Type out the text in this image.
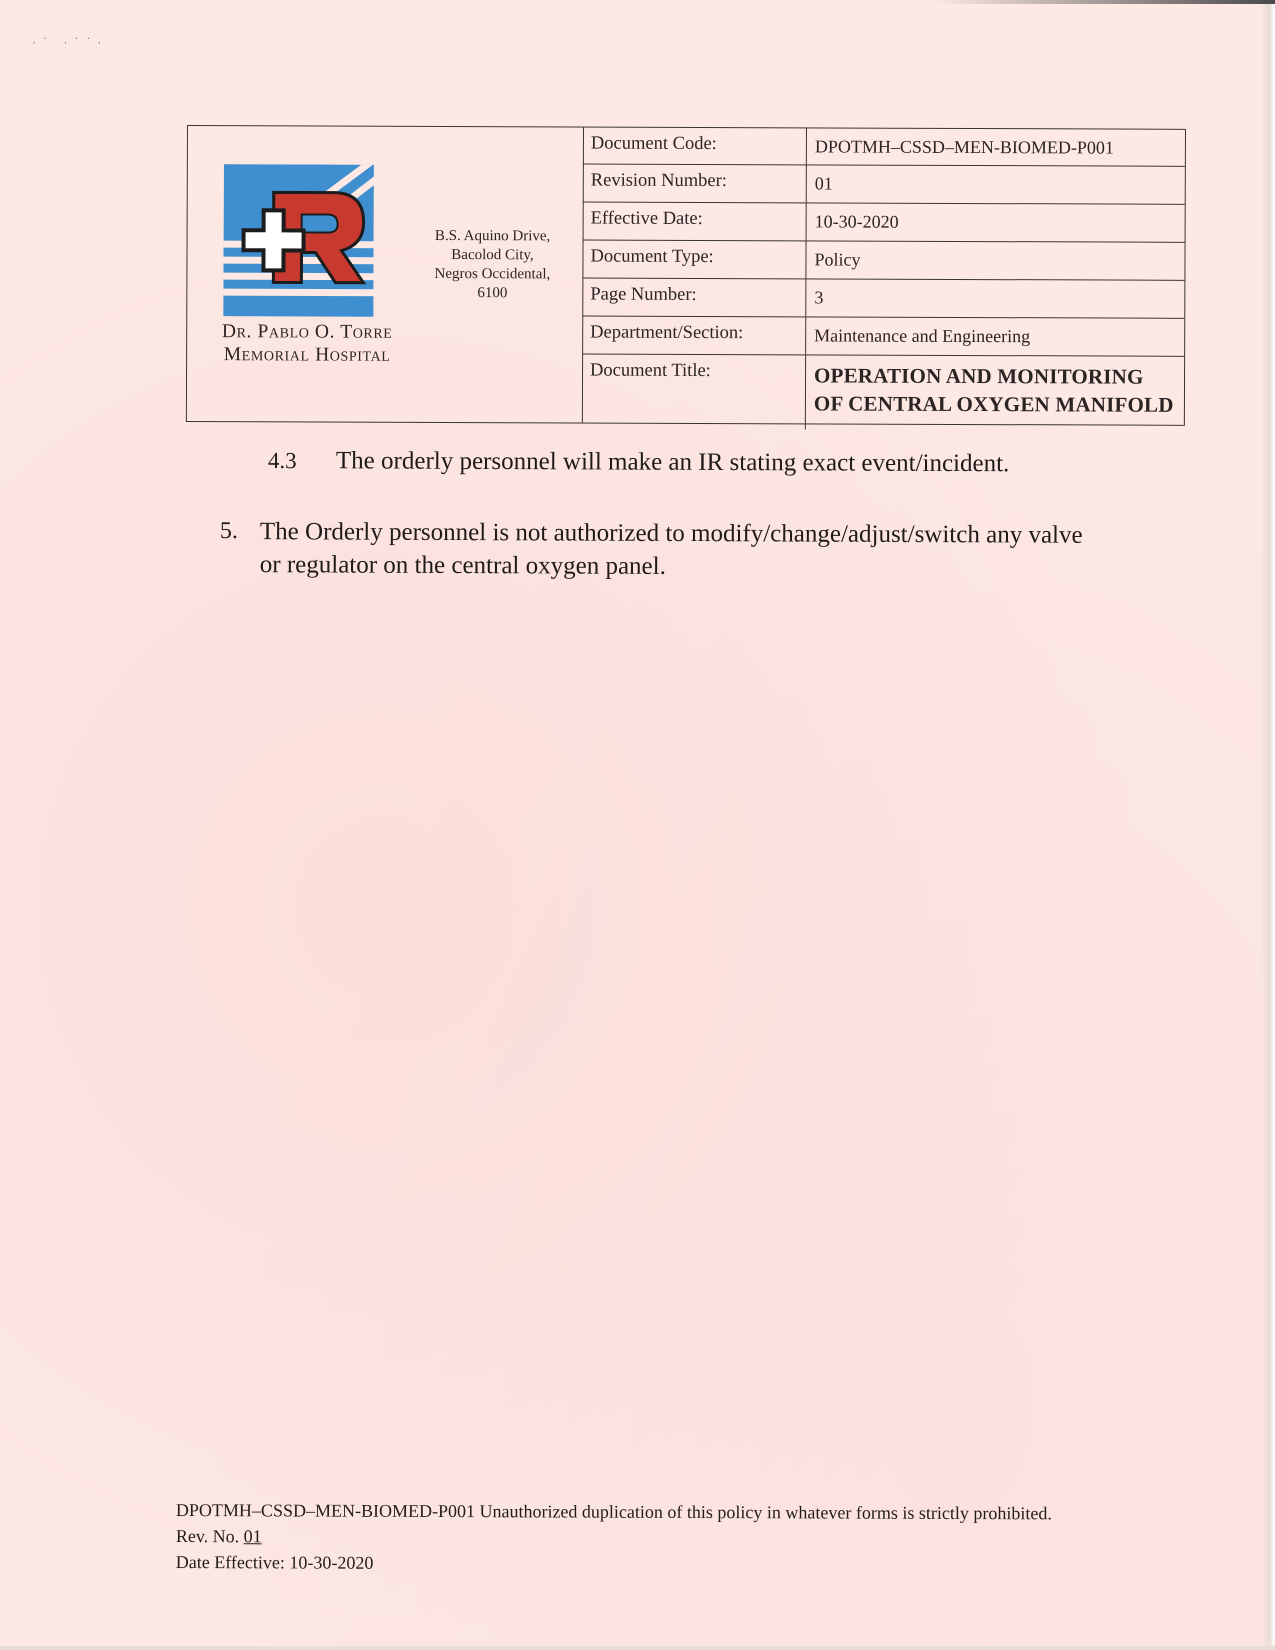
·˙ ·˙˙·
Dr. Pablo O. Torre
Memorial Hospital
B.S. Aquino Drive,
Bacolod City,
Negros Occidental,
6100
Document Code:	DPOTMH–CSSD–MEN-BIOMED-P001
Revision Number:	01
Effective Date:	10-30-2020
Document Type:	Policy
Page Number:	3
Department/Section:	Maintenance and Engineering
Document Title:	OPERATION AND MONITORING
OF CENTRAL OXYGEN MANIFOLD
4.3 The orderly personnel will make an IR stating exact event/incident.
5. The Orderly personnel is not authorized to modify/change/adjust/switch any valve
or regulator on the central oxygen panel.
DPOTMH–CSSD–MEN-BIOMED-P001 Unauthorized duplication of this policy in whatever forms is strictly prohibited.
Rev. No. 01
Date Effective: 10-30-2020
